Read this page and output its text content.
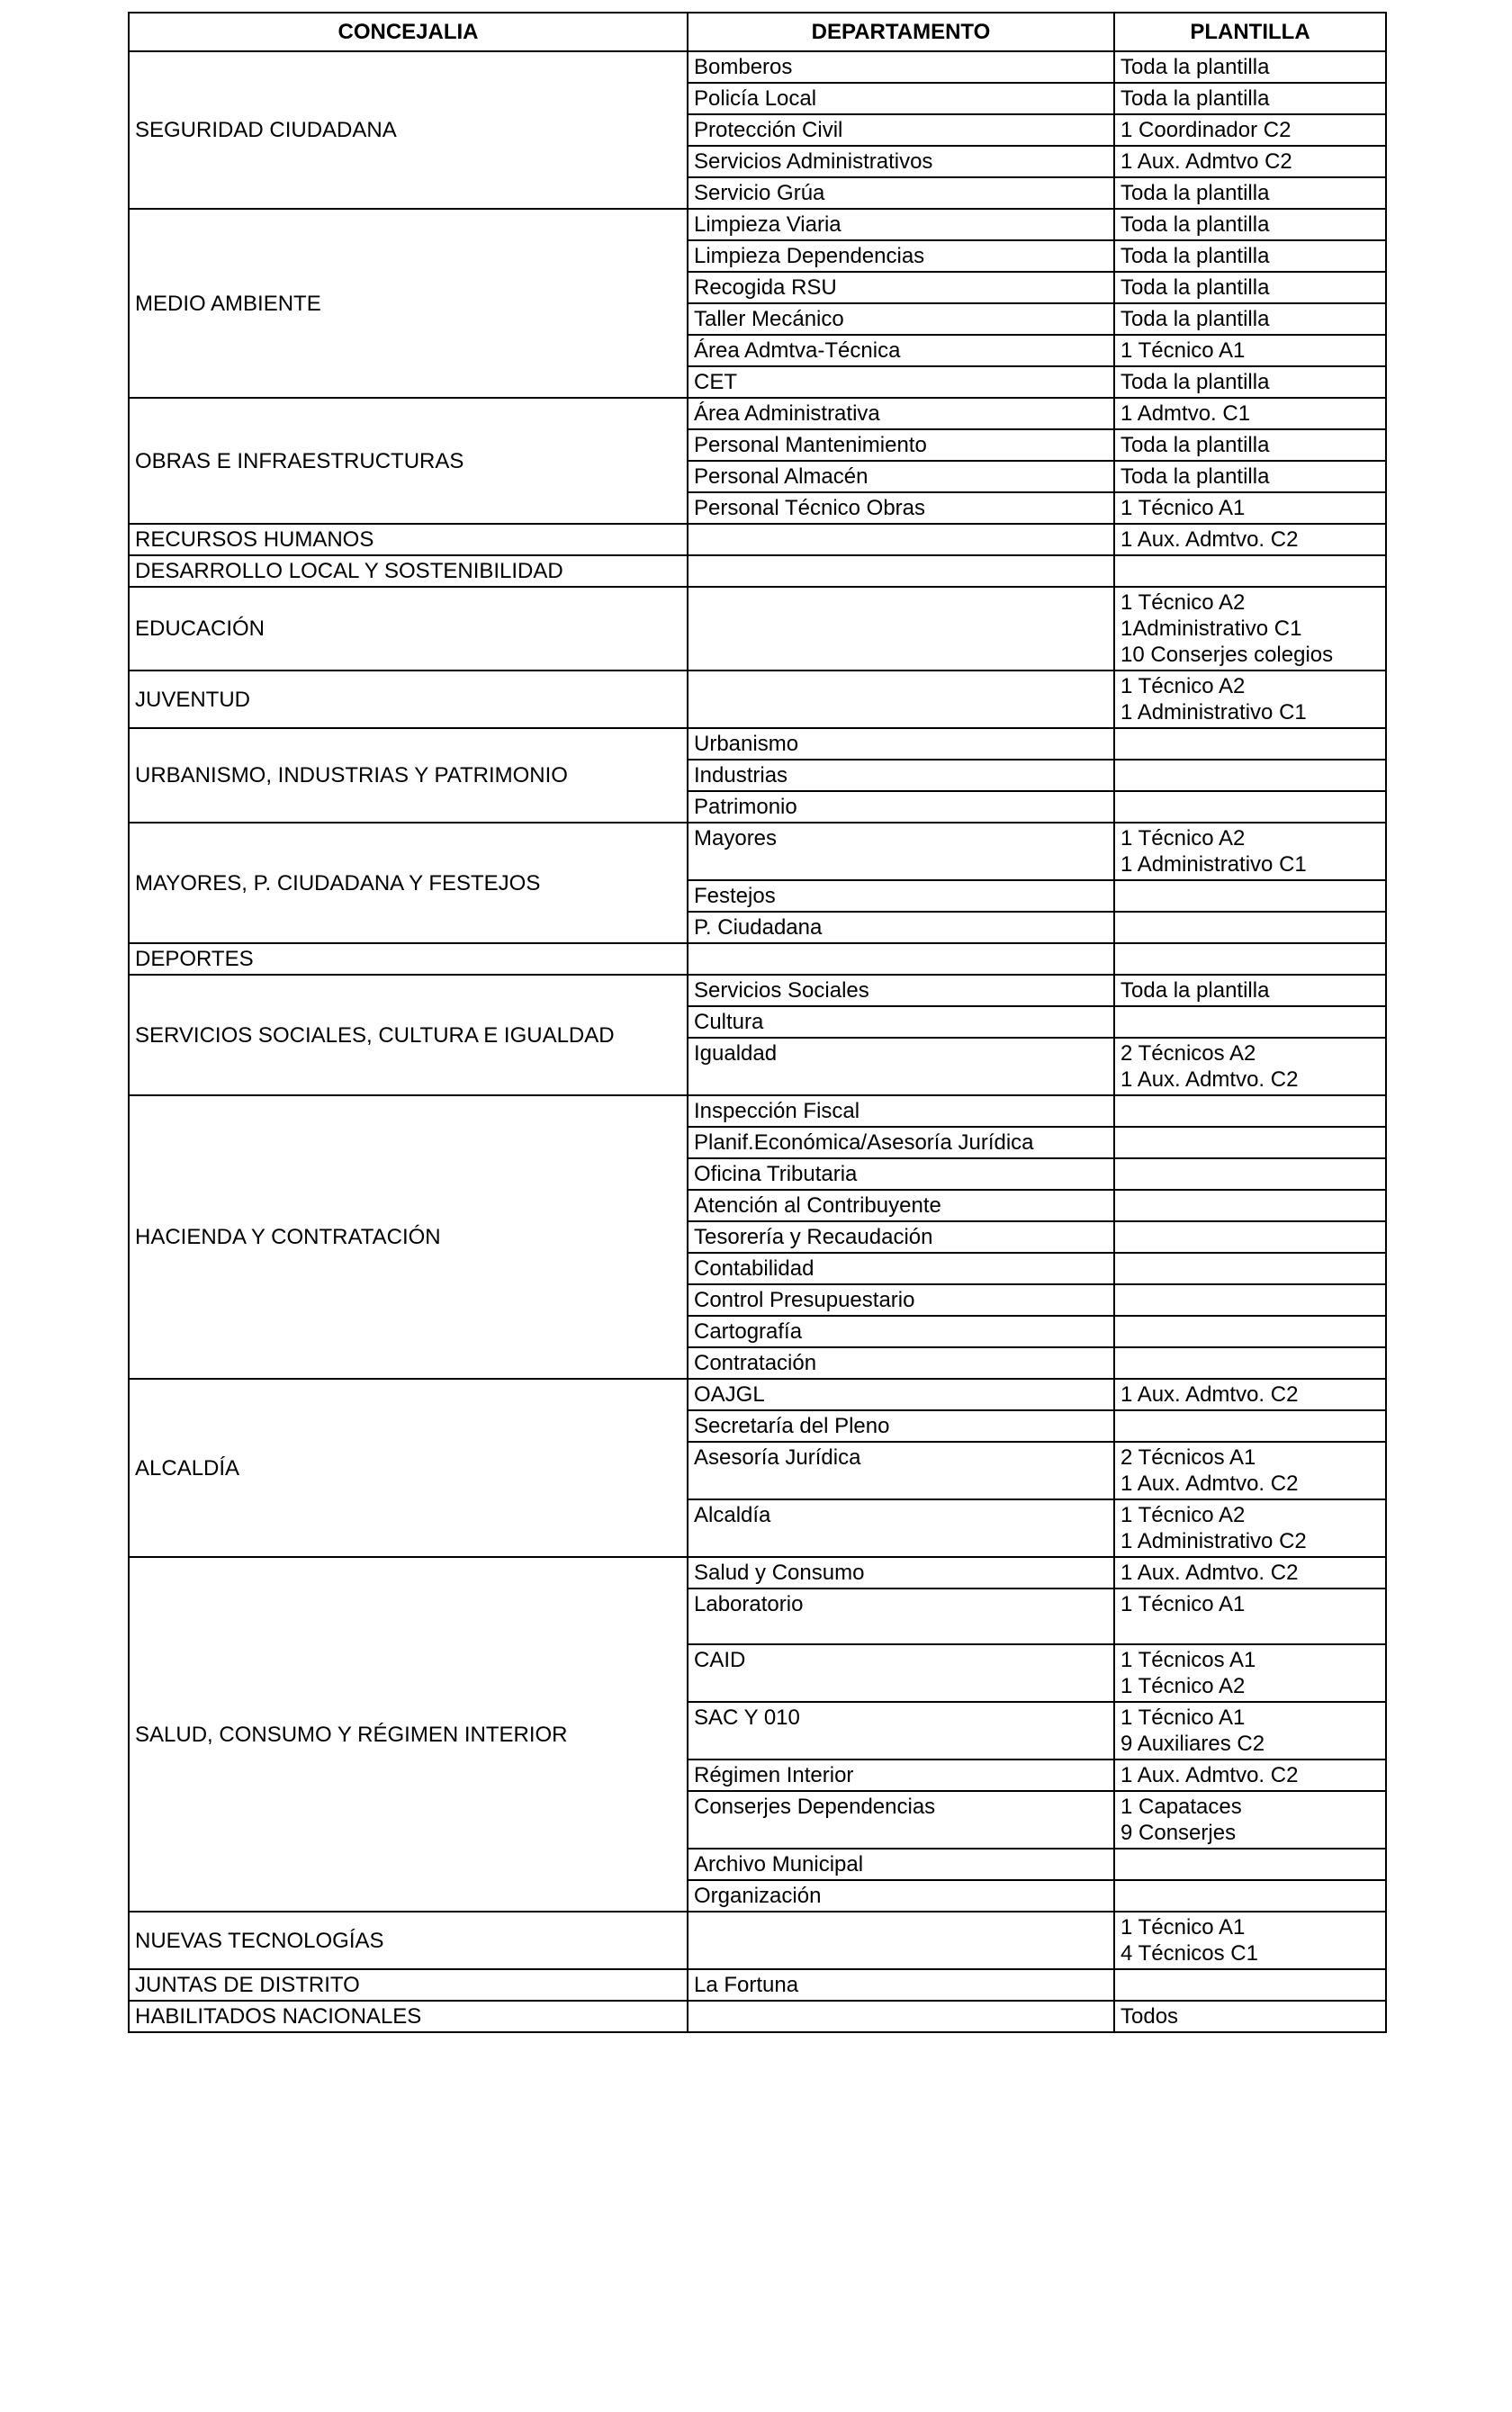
CONCEJALIA	DEPARTAMENTO	PLANTILLA
SEGURIDAD CIUDADANA	Bomberos	Toda la plantilla
	Policía Local	Toda la plantilla
	Protección Civil	1 Coordinador C2
	Servicios Administrativos	1 Aux. Admtvo C2
	Servicio Grúa	Toda la plantilla
MEDIO AMBIENTE	Limpieza Viaria	Toda la plantilla
	Limpieza Dependencias	Toda la plantilla
	Recogida RSU	Toda la plantilla
	Taller Mecánico	Toda la plantilla
	Área Admtva-Técnica	1 Técnico A1
	CET	Toda la plantilla
OBRAS E INFRAESTRUCTURAS	Área Administrativa	1 Admtvo. C1
	Personal Mantenimiento	Toda la plantilla
	Personal Almacén	Toda la plantilla
	Personal Técnico Obras	1 Técnico A1
RECURSOS HUMANOS		1 Aux. Admtvo. C2
DESARROLLO LOCAL Y SOSTENIBILIDAD		
EDUCACIÓN		1 Técnico A2
1Administrativo C1
10 Conserjes colegios
JUVENTUD		1 Técnico A2
1 Administrativo C1
URBANISMO, INDUSTRIAS Y PATRIMONIO	Urbanismo	
	Industrias	
	Patrimonio	
MAYORES, P. CIUDADANA Y FESTEJOS	Mayores	1 Técnico A2
1 Administrativo C1
	Festejos	
	P. Ciudadana	
DEPORTES		
SERVICIOS SOCIALES, CULTURA E IGUALDAD	Servicios Sociales	Toda la plantilla
	Cultura	
	Igualdad	2 Técnicos A2
1 Aux. Admtvo. C2
HACIENDA Y CONTRATACIÓN	Inspección Fiscal	
	Planif.Económica/Asesoría Jurídica	
	Oficina Tributaria	
	Atención al Contribuyente	
	Tesorería y Recaudación	
	Contabilidad	
	Control Presupuestario	
	Cartografía	
	Contratación	
ALCALDÍA	OAJGL	1 Aux. Admtvo. C2
	Secretaría del Pleno	
	Asesoría Jurídica	2 Técnicos A1
1 Aux. Admtvo. C2
	Alcaldía	1 Técnico A2
1 Administrativo C2
SALUD, CONSUMO Y RÉGIMEN INTERIOR	Salud y Consumo	1 Aux. Admtvo. C2
	Laboratorio	1 Técnico A1
	CAID	1 Técnicos A1
1 Técnico A2
	SAC Y 010	1 Técnico A1
9 Auxiliares C2
	Régimen Interior	1 Aux. Admtvo. C2
	Conserjes Dependencias	1 Capataces
9 Conserjes
	Archivo Municipal	
	Organización	
NUEVAS TECNOLOGÍAS		1 Técnico A1
4 Técnicos C1
JUNTAS DE DISTRITO	La Fortuna	
HABILITADOS NACIONALES		Todos
